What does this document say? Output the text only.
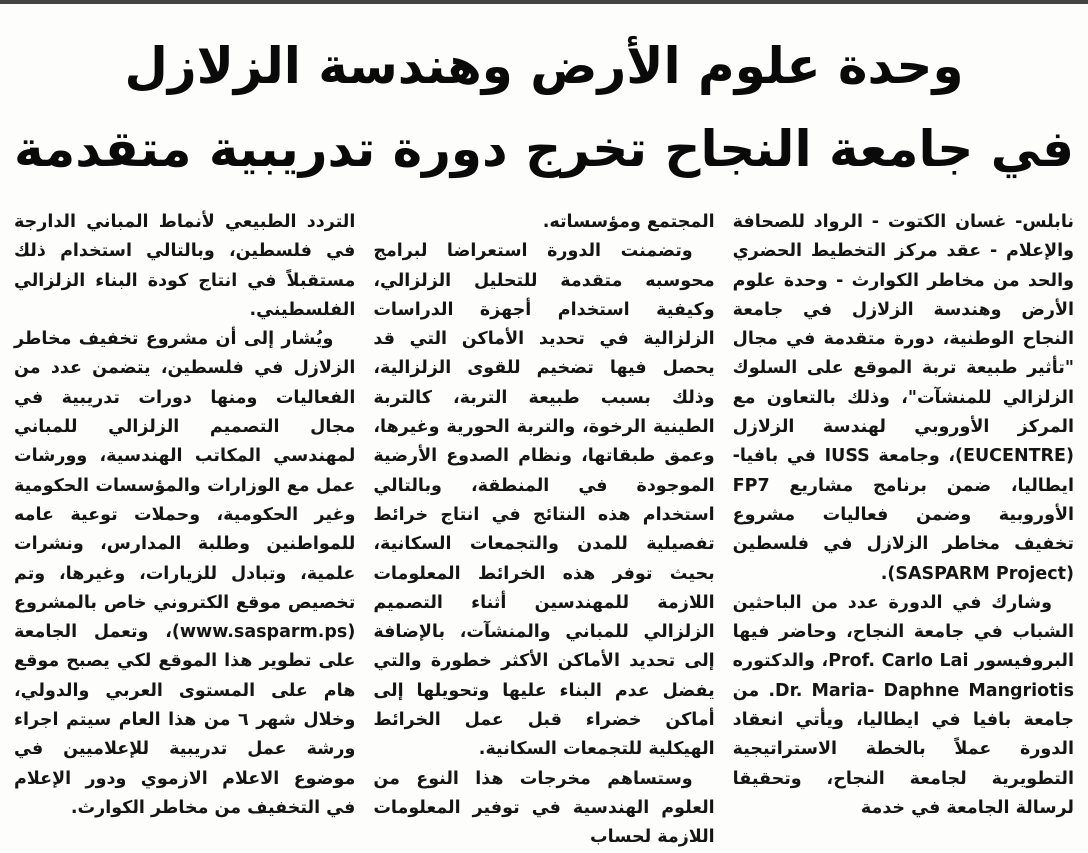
وحدة علوم الأرض وهندسة الزلازل
في جامعة النجاح تخرج دورة تدريبية متقدمة

نابلس- غسان الكتوت - الرواد للصحافة والإعلام - عقد مركز التخطيط الحضري والحد من مخاطر الكوارث - وحدة علوم الأرض وهندسة الزلازل في جامعة النجاح الوطنية، دورة متقدمة في مجال "تأثير طبيعة تربة الموقع على السلوك الزلزالي للمنشآت"، وذلك بالتعاون مع المركز الأوروبي لهندسة الزلازل (EUCENTRE)، وجامعة IUSS في بافيا- ايطاليا، ضمن برنامج مشاريع FP7 الأوروبية وضمن فعاليات مشروع تخفيف مخاطر الزلازل في فلسطين (SASPARM Project).

وشارك في الدورة عدد من الباحثين الشباب في جامعة النجاح، وحاضر فيها البروفيسور Prof. Carlo Lai، والدكتوره Dr. Maria- Daphne Mangriotis. من جامعة بافيا في ايطاليا، ويأتي انعقاد الدورة عملاً بالخطة الاستراتيجية التطويرية لجامعة النجاح، وتحقيقا لرسالة الجامعة في خدمة

المجتمع ومؤسساته.

وتضمنت الدورة استعراضا لبرامج محوسبه متقدمة للتحليل الزلزالي، وكيفية استخدام أجهزة الدراسات الزلزالية في تحديد الأماكن التي قد يحصل فيها تضخيم للقوى الزلزالية، وذلك بسبب طبيعة التربة، كالتربة الطينية الرخوة، والتربة الحورية وغيرها، وعمق طبقاتها، ونظام الصدوع الأرضية الموجودة في المنطقة، وبالتالي استخدام هذه النتائج في انتاج خرائط تفصيلية للمدن والتجمعات السكانية، بحيث توفر هذه الخرائط المعلومات اللازمة للمهندسين أثناء التصميم الزلزالي للمباني والمنشآت، بالإضافة إلى تحديد الأماكن الأكثر خطورة والتي يفضل عدم البناء عليها وتحويلها إلى أماكن خضراء قبل عمل الخرائط الهيكلية للتجمعات السكانية.

وستساهم مخرجات هذا النوع من العلوم الهندسية في توفير المعلومات اللازمة لحساب

التردد الطبيعي لأنماط المباني الدارجة في فلسطين، وبالتالي استخدام ذلك مستقبلاً في انتاج كودة البناء الزلزالي الفلسطيني.

ويُشار إلى أن مشروع تخفيف مخاطر الزلازل في فلسطين، يتضمن عدد من الفعاليات ومنها دورات تدريبية في مجال التصميم الزلزالي للمباني لمهندسي المكاتب الهندسية، وورشات عمل مع الوزارات والمؤسسات الحكومية وغير الحكومية، وحملات توعية عامه للمواطنين وطلبة المدارس، ونشرات علمية، وتبادل للزيارات، وغيرها، وتم تخصيص موقع الكتروني خاص بالمشروع (www.sasparm.ps)، وتعمل الجامعة على تطوير هذا الموقع لكي يصبح موقع هام على المستوى العربي والدولي، وخلال شهر ٦ من هذا العام سيتم اجراء ورشة عمل تدريبية للإعلاميين في موضوع الاعلام الازموي ودور الإعلام في التخفيف من مخاطر الكوارث.
